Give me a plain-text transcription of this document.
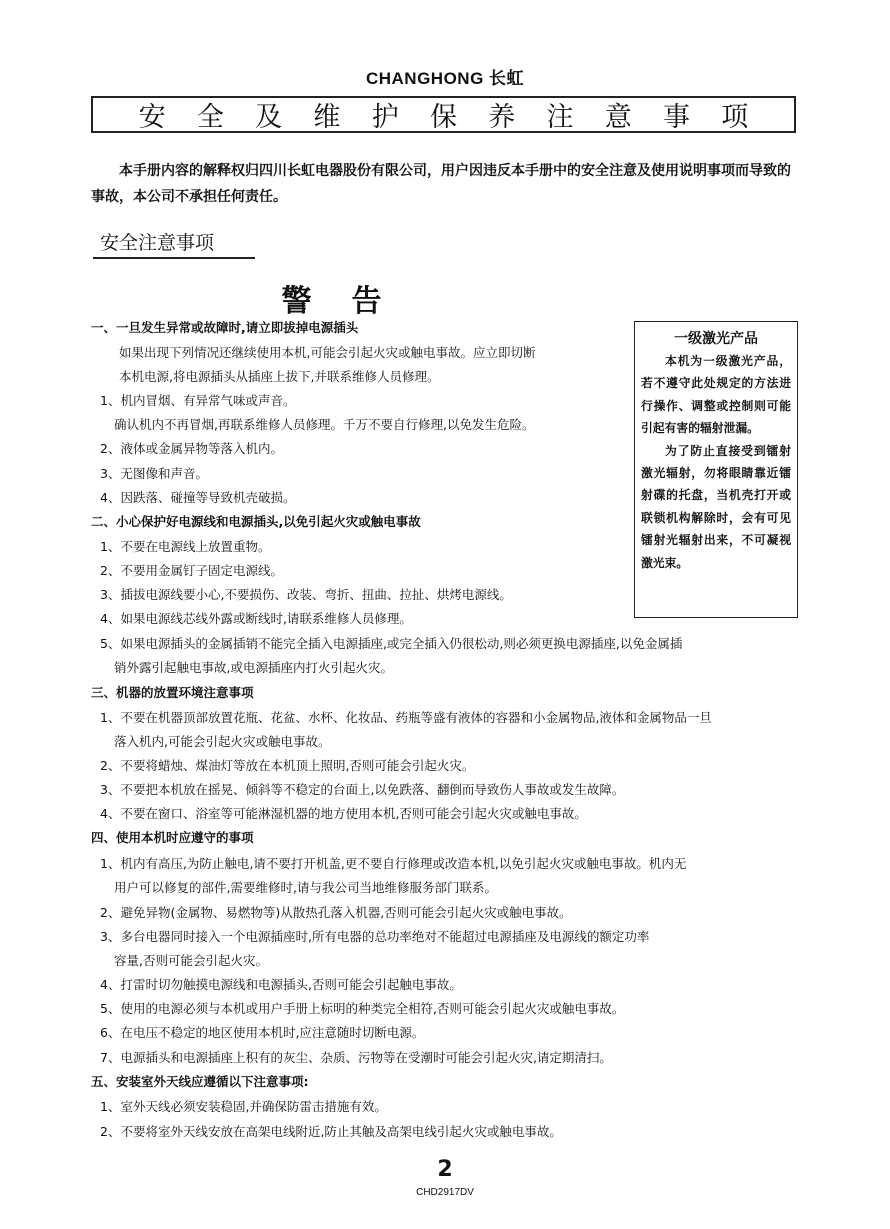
CHANGHONG 长虹
安 全 及 维 护 保 养 注 意 事 项
本手册内容的解释权归四川长虹电器股份有限公司，用户因违反本手册中的安全注意及使用说明事项而导致的事故，本公司不承担任何责任。
安全注意事项
警告
一、一旦发生异常或故障时,请立即拔掉电源插头
如果出现下列情况还继续使用本机,可能会引起火灾或触电事故。应立即切断
本机电源,将电源插头从插座上拔下,并联系维修人员修理。
1、机内冒烟、有异常气味或声音。
确认机内不再冒烟,再联系维修人员修理。千万不要自行修理,以免发生危险。
2、液体或金属异物等落入机内。
3、无图像和声音。
4、因跌落、碰撞等导致机壳破损。
二、小心保护好电源线和电源插头,以免引起火灾或触电事故
1、不要在电源线上放置重物。
2、不要用金属钉子固定电源线。
3、插拔电源线要小心,不要损伤、改装、弯折、扭曲、拉扯、烘烤电源线。
4、如果电源线芯线外露或断线时,请联系维修人员修理。
5、如果电源插头的金属插销不能完全插入电源插座,或完全插入仍很松动,则必须更换电源插座,以免金属插
销外露引起触电事故,或电源插座内打火引起火灾。
三、机器的放置环境注意事项
1、不要在机器顶部放置花瓶、花盆、水杯、化妆品、药瓶等盛有液体的容器和小金属物品,液体和金属物品一旦
落入机内,可能会引起火灾或触电事故。
2、不要将蜡烛、煤油灯等放在本机顶上照明,否则可能会引起火灾。
3、不要把本机放在摇晃、倾斜等不稳定的台面上,以免跌落、翻倒而导致伤人事故或发生故障。
4、不要在窗口、浴室等可能淋湿机器的地方使用本机,否则可能会引起火灾或触电事故。
四、使用本机时应遵守的事项
1、机内有高压,为防止触电,请不要打开机盖,更不要自行修理或改造本机,以免引起火灾或触电事故。机内无
用户可以修复的部件,需要维修时,请与我公司当地维修服务部门联系。
2、避免异物(金属物、易燃物等)从散热孔落入机器,否则可能会引起火灾或触电事故。
3、多台电器同时接入一个电源插座时,所有电器的总功率绝对不能超过电源插座及电源线的额定功率
容量,否则可能会引起火灾。
4、打雷时切勿触摸电源线和电源插头,否则可能会引起触电事故。
5、使用的电源必须与本机或用户手册上标明的种类完全相符,否则可能会引起火灾或触电事故。
6、在电压不稳定的地区使用本机时,应注意随时切断电源。
7、电源插头和电源插座上积有的灰尘、杂质、污物等在受潮时可能会引起火灾,请定期清扫。
五、安装室外天线应遵循以下注意事项:
1、室外天线必须安装稳固,并确保防雷击措施有效。
2、不要将室外天线安放在高架电线附近,防止其触及高架电线引起火灾或触电事故。
一级激光产品
本机为一级激光产品，若不遵守此处规定的方法进行操作、调整或控制则可能引起有害的辐射泄漏。
为了防止直接受到镭射激光辐射，勿将眼睛靠近镭射碟的托盘，当机壳打开或联锁机构解除时，会有可见镭射光辐射出来，不可凝视激光束。
2
CHD2917DV
